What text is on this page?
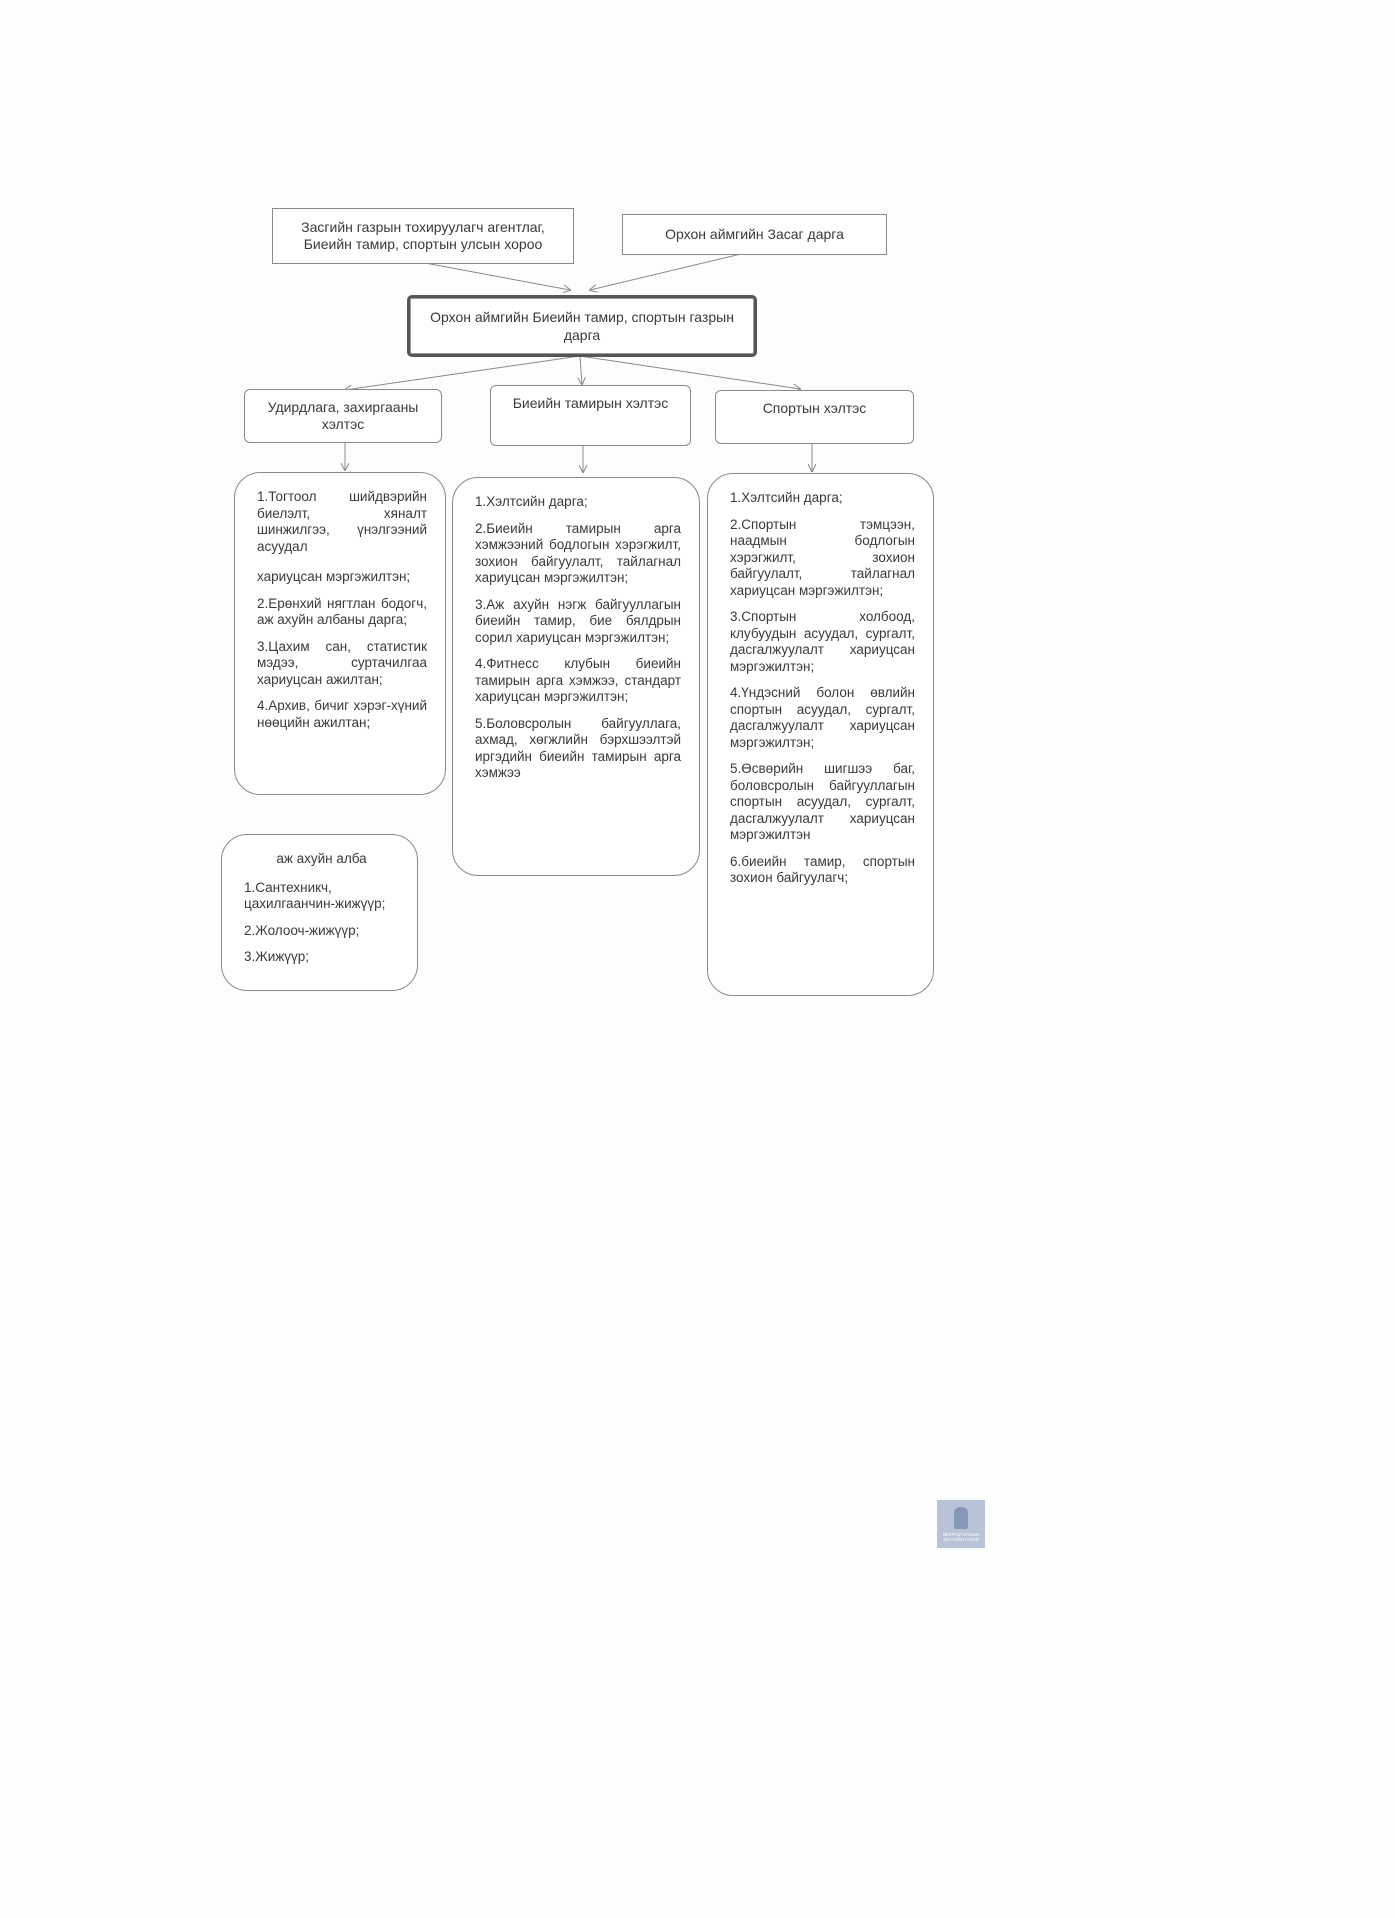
Засгийн газрын тохируулагч агентлаг, Биеийн тамир, спортын улсын хороо
Орхон аймгийн Засаг дарга
Орхон аймгийн Биеийн тамир, спортын газрын дарга
Удирдлага, захиргааны хэлтэс
Биеийн тамирын хэлтэс	Спортын хэлтэс
1.Тогтоол шийдвэрийн биелэлт, хяналт шинжилгээ, үнэлгээний асуудал
хариуцсан мэргэжилтэн;
2.Ерөнхий нягтлан бодогч, аж ахуйн албаны дарга;
3.Цахим сан, статистик мэдээ, суртачилгаа хариуцсан ажилтан;
4.Архив, бичиг хэрэг-хүний нөөцийн ажилтан;
1.Хэлтсийн дарга;
2.Биеийн тамирын арга хэмжээний бодлогын хэрэгжилт, зохион байгуулалт, тайлагнал хариуцсан мэргэжилтэн;
3.Аж ахуйн нэгж байгууллагын биеийн тамир, бие бялдрын сорил хариуцсан мэргэжилтэн;
4.Фитнесс клубын биеийн тамирын арга хэмжээ, стандарт хариуцсан мэргэжилтэн;
5.Боловсролын байгууллага, ахмад, хөгжлийн бэрхшээлтэй иргэдийн биеийн тамирын арга хэмжээ
1.Хэлтсийн дарга;
2.Спортын тэмцээн, наадмын бодлогын хэрэгжилт, зохион байгуулалт, тайлагнал хариуцсан мэргэжилтэн;
3.Спортын холбоод, клубуудын асуудал, сургалт, дасгалжуулалт хариуцсан мэргэжилтэн;
4.Үндэсний болон өвлийн спортын асуудал, сургалт, дасгалжуулалт хариуцсан мэргэжилтэн;
5.Өсвөрийн шигшээ баг, боловсролын байгууллагын спортын асуудал, сургалт, дасгалжуулалт хариуцсан мэргэжилтэн
6.биеийн тамир, спортын зохион байгуулагч;
аж ахуйн алба
1.Сантехникч, цахилгаанчин-жижүүр;
2.Жолооч-жижүүр;
3.Жижүүр;
МОНГОЛ УЛСЫН ЗАСГИЙН ГАЗАР
